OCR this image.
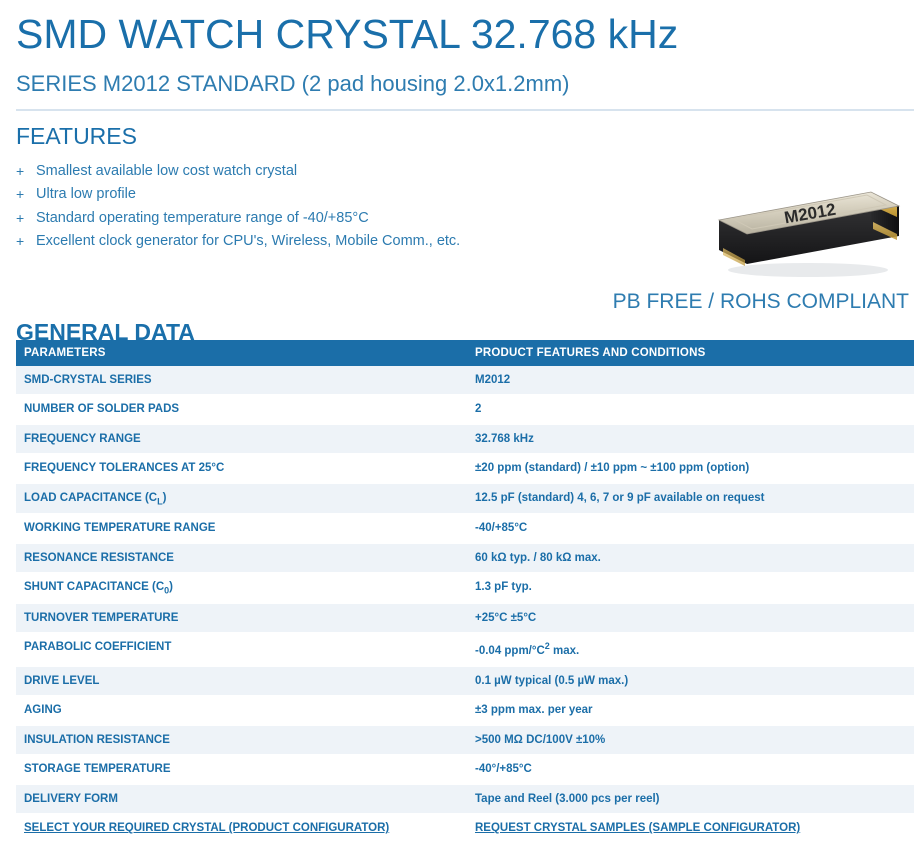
SMD WATCH CRYSTAL 32.768 kHz
SERIES M2012 STANDARD (2 pad housing 2.0x1.2mm)
FEATURES
+ Smallest available low cost watch crystal
+ Ultra low profile
+ Standard operating temperature range of -40/+85°C
+ Excellent clock generator for CPU's, Wireless, Mobile Comm., etc.
M2012
GENERAL DATA
PB FREE / ROHS COMPLIANT
PARAMETERS	PRODUCT FEATURES AND CONDITIONS
SMD-CRYSTAL SERIES	M2012
NUMBER OF SOLDER PADS	2
FREQUENCY RANGE	32.768 kHz
FREQUENCY TOLERANCES AT 25°C	±20 ppm (standard) / ±10 ppm ~ ±100 ppm (option)
LOAD CAPACITANCE $(C_L)$	12.5 pF (standard) 4, 6, 7 or 9 pF available on request
WORKING TEMPERATURE RANGE	-40/+85°C
RESONANCE RESISTANCE	60 kΩ typ. / 80 kΩ max.
SHUNT CAPACITANCE $(C_0)$	1.3 pF typ.
TURNOVER TEMPERATURE	+25°C ±5°C
PARABOLIC COEFFICIENT	-0.04 ppm/$^\circ C^2$ max.
DRIVE LEVEL	0.1 µW typical (0.5 µW max.)
AGING	±3 ppm max. per year
INSULATION RESISTANCE	>500 MΩ DC/100V ±10%
STORAGE TEMPERATURE	-40°/+85°C
DELIVERY FORM	Tape and Reel (3.000 pcs per reel)
SELECT YOUR REQUIRED CRYSTAL (PRODUCT CONFIGURATOR)	REQUEST CRYSTAL SAMPLES (SAMPLE CONFIGURATOR)
